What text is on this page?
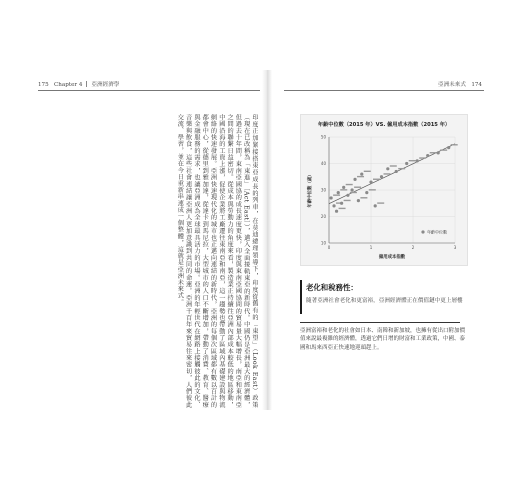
175 Chapter 4 亞洲經濟學	亞洲未來式 174
印度正加緊接搭東亞成長的列車，在莫迪總理領導下，印度從舊有的「東望」（Look East）政策（現在已改稱為「東進」〔Act East〕），邁入全面接軌東亞的新時代。中國仍是亞洲最大的經濟體，但過去十年間，東南亞國協的成長速度更快，印度與東南亞國協間的貿易量大幅增長，南亞和東南亞之間的聯繫日益密切。從成本與勞動力的角度來看，製造業正持續往亞洲內部成本較低的地區移動，中國沿海的工資上漲，促使企業將工廠遷往東南亞和南亞，這一趨勢也帶動了區域內基礎建設與物流網絡的快速發展。亞洲快速現代化的城市也正邁向連結的新時代，亞洲的每個次區域都有數以百計的都會中心，從德里到雅加達，從達卡到馬尼拉，大型城市的人口不斷增加，帶動了消費、教育、醫療與金融服務的需求，也讓亞洲成為全球最具活力的市場。亞洲的年輕世代在網路上接觸彼此的文化、音樂與飲食，這些社會連結讓亞洲人更加意識到共同的命運。亞洲千百年來貿易往來密切，人們彼此交流、學習，並在今日重新串連成一個整體，這就是亞洲未來式。	年齡中位數（2015 年）VS. 僱用成本指數（2015 年）
10
20
30
40
50
0	1	2	3
僱用成本指數
年齡中位數（歲）
年齡中位數
老化和稅務性：
隨著亞洲社會老化和更富裕，亞洲經濟體正在價值鏈中更上層樓
亞洲富裕和老化的社會如日本、南韓和新加坡，也擁有從出口附加價值來說最複雜的經濟體，透過它們日增的財富和工業政策，中國、泰國和馬來西亞正快速地迎頭趕上。
